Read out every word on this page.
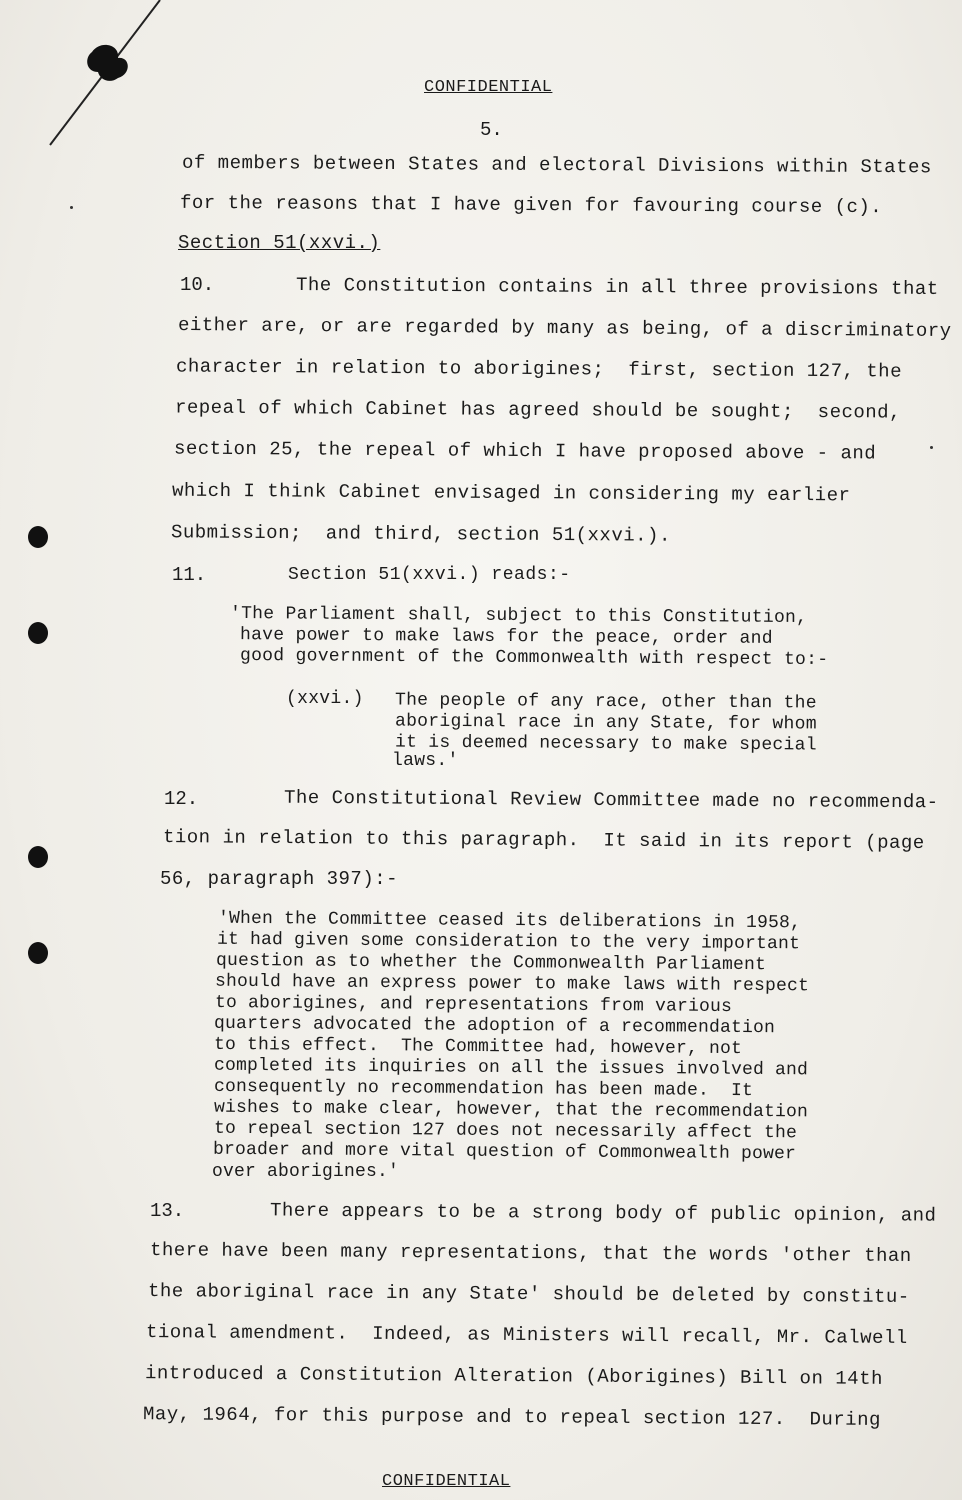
CONFIDENTIAL
5.
of members between States and electoral Divisions within States
for the reasons that I have given for favouring course (c).
Section 51(xxvi.)
10.	The Constitution contains in all three provisions that
either are, or are regarded by many as being, of a discriminatory
character in relation to aborigines;  first, section 127, the
repeal of which Cabinet has agreed should be sought;  second,
section 25, the repeal of which I have proposed above - and
which I think Cabinet envisaged in considering my earlier
Submission;  and third, section 51(xxvi.).
11.	Section 51(xxvi.) reads:-
'The Parliament shall, subject to this Constitution,
have power to make laws for the peace, order and
good government of the Commonwealth with respect to:-
(xxvi.) The people of any race, other than the
aboriginal race in any State, for whom
it is deemed necessary to make special
laws.'
12.	The Constitutional Review Committee made no recommenda-
tion in relation to this paragraph.  It said in its report (page
56, paragraph 397):-
'When the Committee ceased its deliberations in 1958,
it had given some consideration to the very important
question as to whether the Commonwealth Parliament
should have an express power to make laws with respect
to aborigines, and representations from various
quarters advocated the adoption of a recommendation
to this effect.  The Committee had, however, not
completed its inquiries on all the issues involved and
consequently no recommendation has been made.  It
wishes to make clear, however, that the recommendation
to repeal section 127 does not necessarily affect the
broader and more vital question of Commonwealth power
over aborigines.'
13.	There appears to be a strong body of public opinion, and
there have been many representations, that the words 'other than
the aboriginal race in any State' should be deleted by constitu-
tional amendment.  Indeed, as Ministers will recall, Mr. Calwell
introduced a Constitution Alteration (Aborigines) Bill on 14th
May, 1964, for this purpose and to repeal section 127.  During
CONFIDENTIAL
